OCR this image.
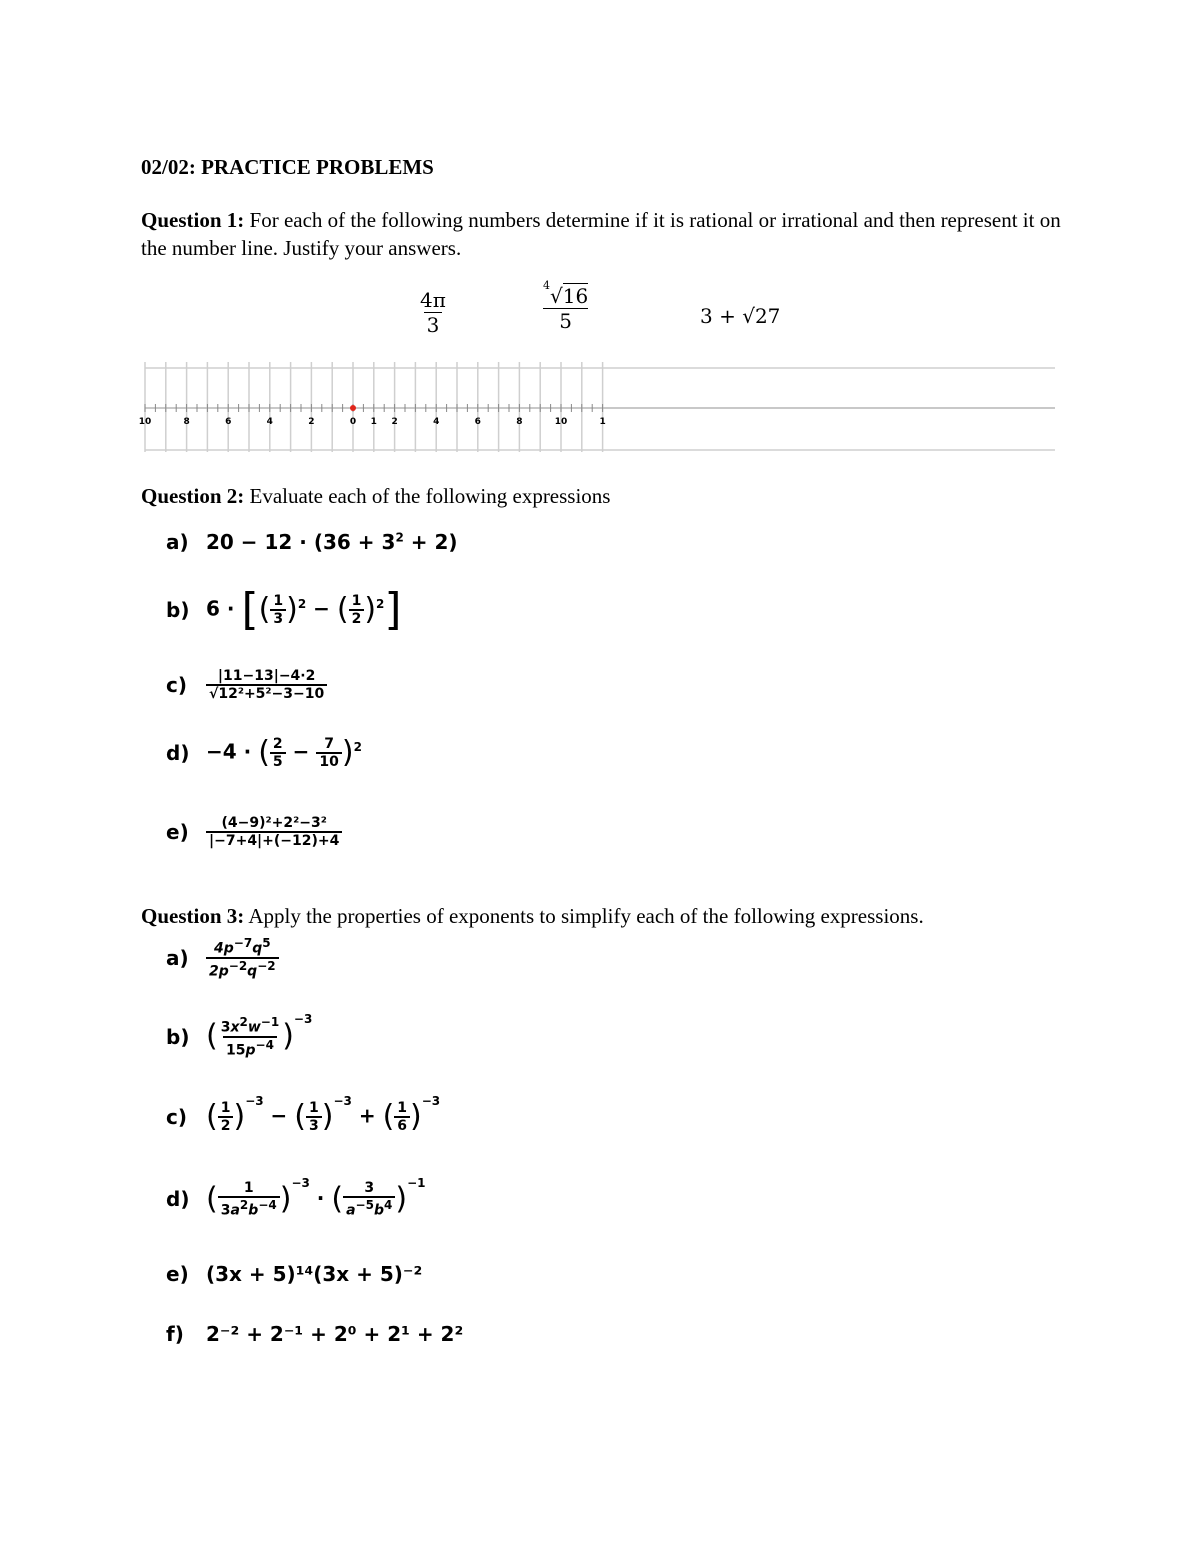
02/02: PRACTICE PROBLEMS
Question 1: For each of the following numbers determine if it is rational or irrational and then represent it on the number line. Justify your answers.
$\frac{4\pi}{3}$	$\frac{^4√16}{5}$	3 + √27
10	8	6	4	2	0 1 2	4	6	8	10	1
Question 2: Evaluate each of the following expressions
a) $20 - 12 \cdot (36 + 3^2 + 2)$
b) 6 · [( $\frac{1}{3} )^2$ − ( $\frac{1}{2} )^2$]
c)	$\frac{|11-13|-4\cdot 2}{\text{√12²+5²−3−10}}$
d) −4 · ( $\frac{2}{5} - \frac{7}{10} )^2$
e)	$\frac{\text{(4−9)²+2²−3²}}{|-7+4|+(-12)+4}$
Question 3: Apply the properties of exponents to simplify each of the following expressions.
a)	$\frac{4p^{-7}q^5}{2p^{-2}q^{-2}}$
b) ( $\frac{3x^2w^{-1}}{15p^{-4}} )^{-3}$
c) ( $\frac{1}{2} )^{-3}$ − ( $\frac{1}{3} )^{-3}$ + ( $\frac{1}{6} )^{-3}$
d) ( $\frac{1}{3a^2b^{-4}} )^{-3}$ · ( $\frac{3}{a^{-5}b^4} )^{-1}$
e) (3x + 5)¹⁴(3x + 5)⁻²
f)	2⁻² + 2⁻¹ + 2⁰ + 2¹ + 2²
